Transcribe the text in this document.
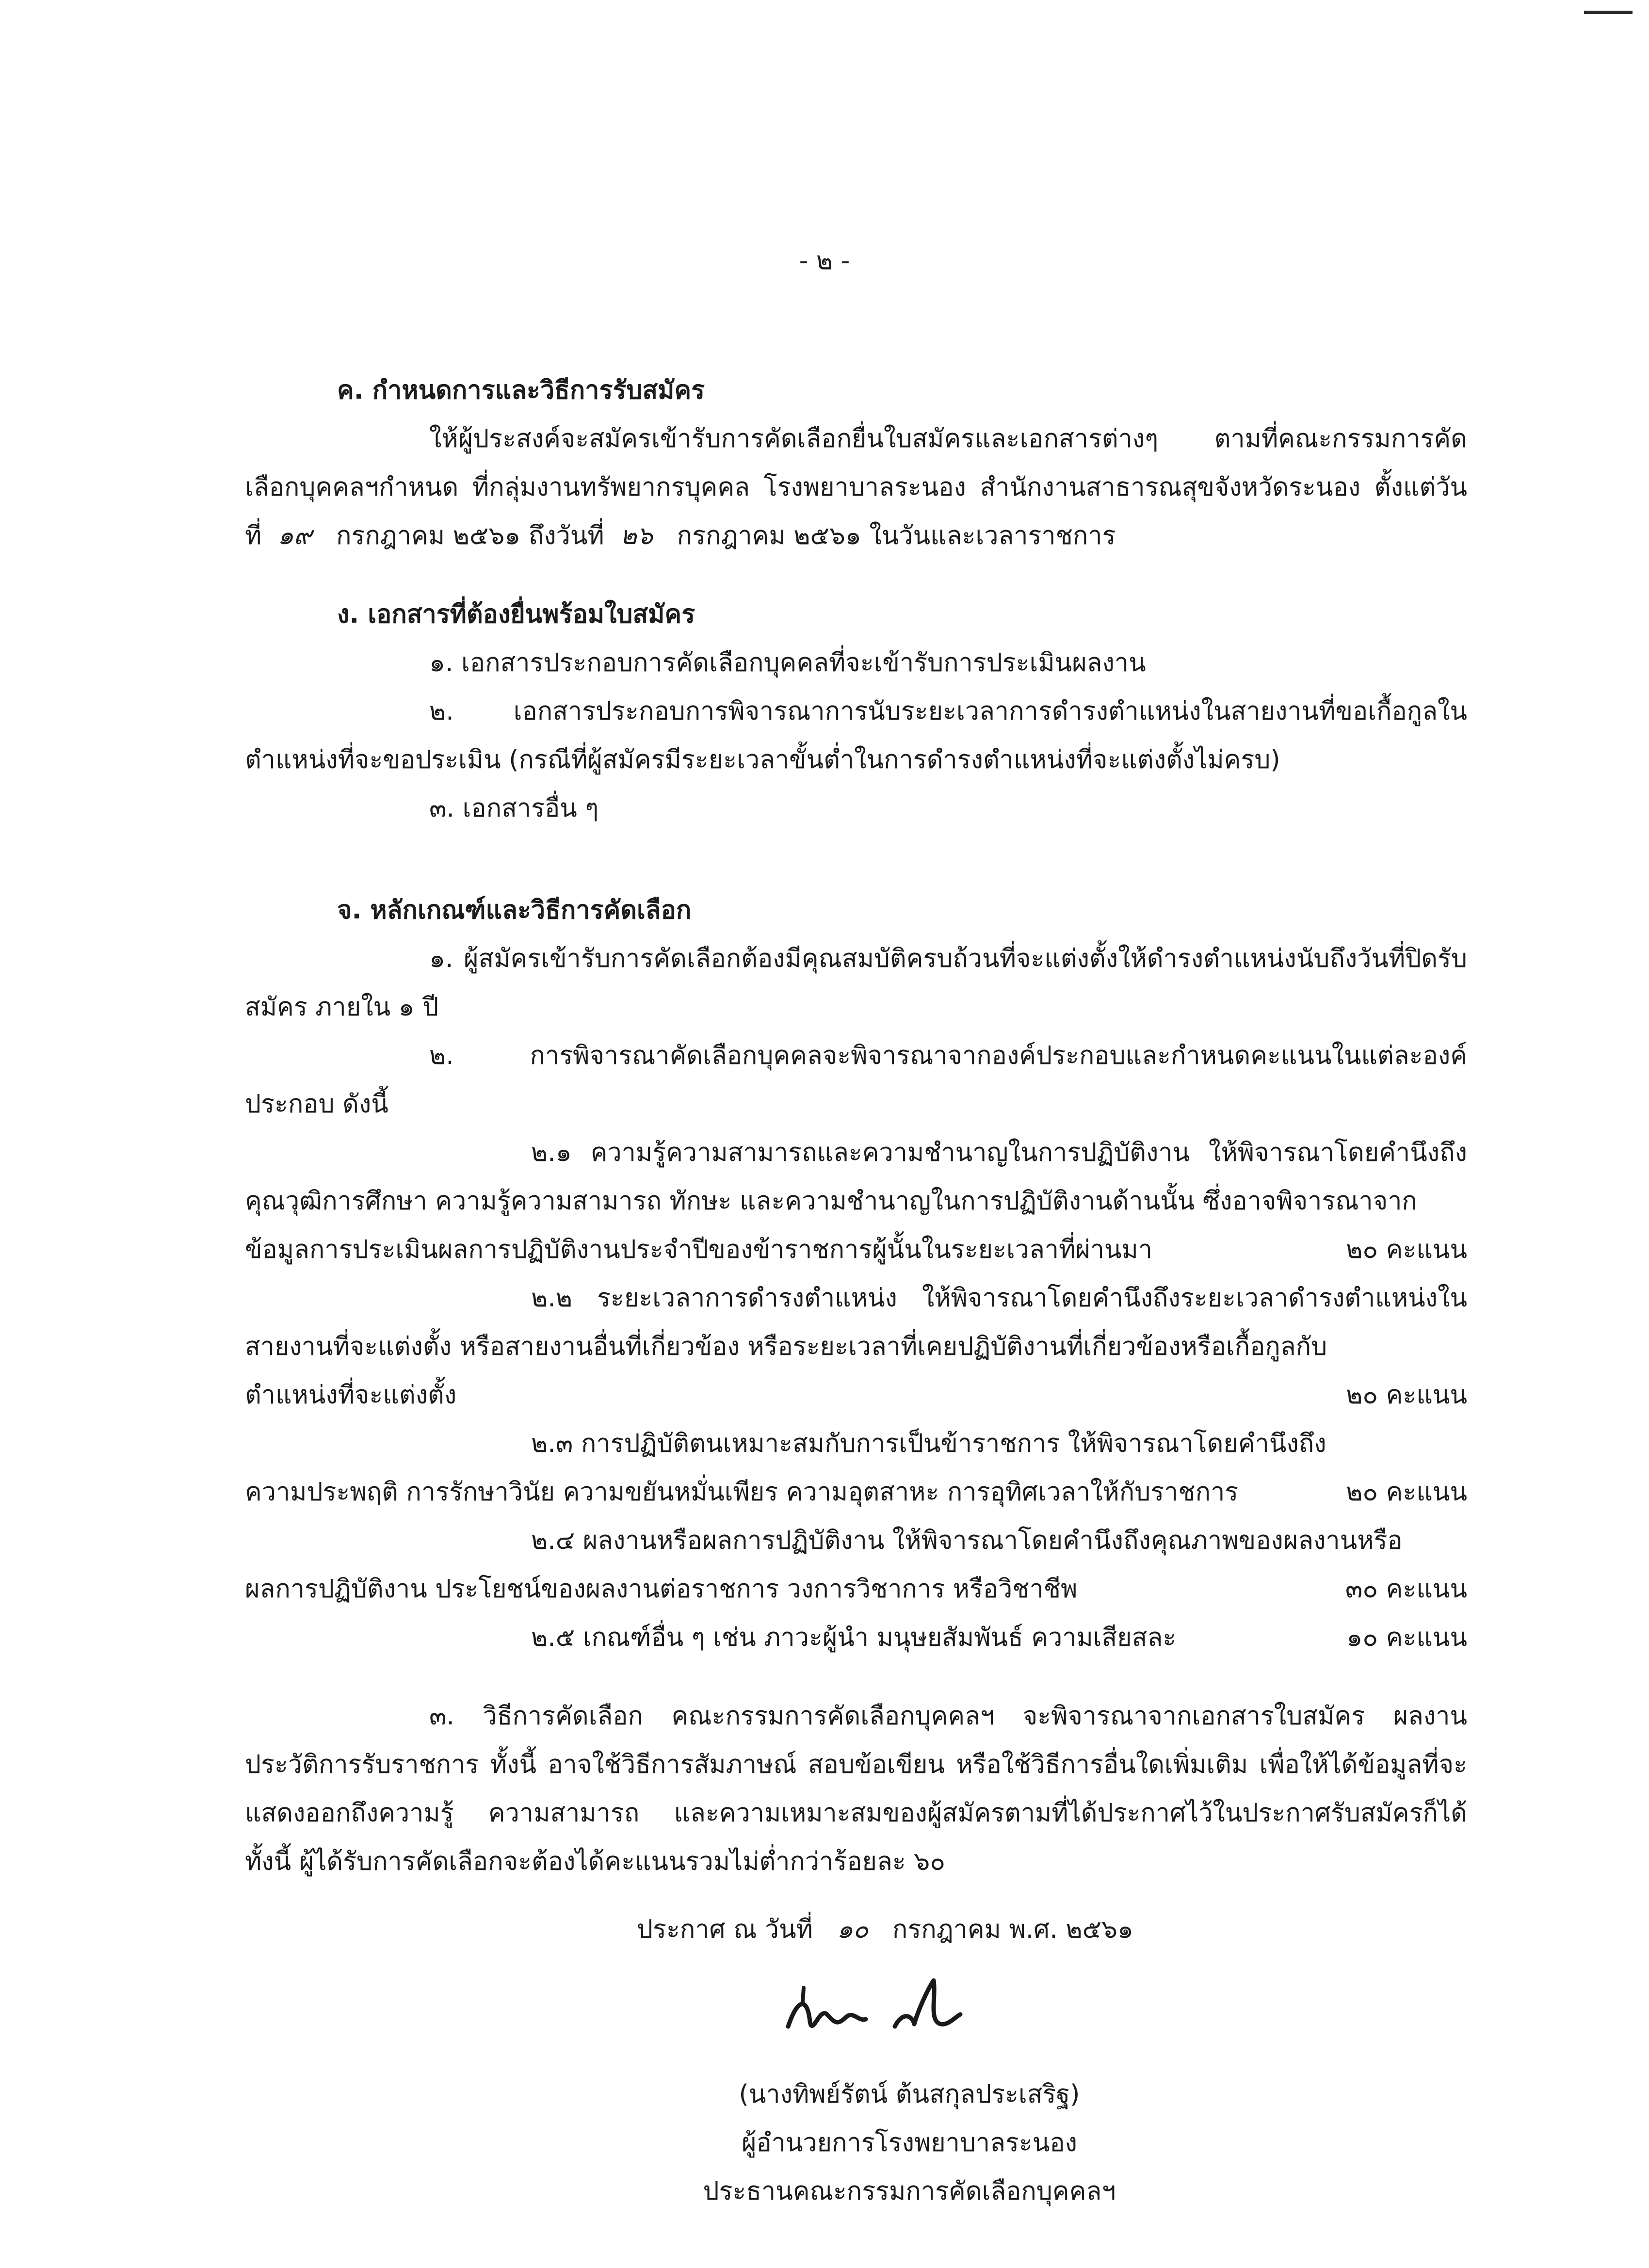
- ๒ -
ค. กำหนดการและวิธีการรับสมัคร
ให้ผู้ประสงค์จะสมัครเข้ารับการคัดเลือกยื่นใบสมัครและเอกสารต่างๆ ตามที่คณะกรรมการคัดเลือกบุคคลฯกำหนด ที่กลุ่มงานทรัพยากรบุคคล โรงพยาบาลระนอง สำนักงานสาธารณสุขจังหวัดระนอง ตั้งแต่วันที่ ๑๙ กรกฎาคม ๒๕๖๑ ถึงวันที่ ๒๖ กรกฎาคม ๒๕๖๑ ในวันและเวลาราชการ
ง. เอกสารที่ต้องยื่นพร้อมใบสมัคร
๑. เอกสารประกอบการคัดเลือกบุคคลที่จะเข้ารับการประเมินผลงาน
๒. เอกสารประกอบการพิจารณาการนับระยะเวลาการดำรงตำแหน่งในสายงานที่ขอเกื้อกูลในตำแหน่งที่จะขอประเมิน (กรณีที่ผู้สมัครมีระยะเวลาขั้นต่ำในการดำรงตำแหน่งที่จะแต่งตั้งไม่ครบ)
๓. เอกสารอื่น ๆ
จ. หลักเกณฑ์และวิธีการคัดเลือก
๑. ผู้สมัครเข้ารับการคัดเลือกต้องมีคุณสมบัติครบถ้วนที่จะแต่งตั้งให้ดำรงตำแหน่งนับถึงวันที่ปิดรับสมัคร ภายใน ๑ ปี
๒. การพิจารณาคัดเลือกบุคคลจะพิจารณาจากองค์ประกอบและกำหนดคะแนนในแต่ละองค์ประกอบ ดังนี้
๒.๑ ความรู้ความสามารถและความชำนาญในการปฏิบัติงาน ให้พิจารณาโดยคำนึงถึงคุณวุฒิการศึกษา ความรู้ความสามารถ ทักษะ และความชำนาญในการปฏิบัติงานด้านนั้น ซึ่งอาจพิจารณาจาก
ข้อมูลการประเมินผลการปฏิบัติงานประจำปีของข้าราชการผู้นั้นในระยะเวลาที่ผ่านมา	๒๐ คะแนน
๒.๒ ระยะเวลาการดำรงตำแหน่ง ให้พิจารณาโดยคำนึงถึงระยะเวลาดำรงตำแหน่งในสายงานที่จะแต่งตั้ง หรือสายงานอื่นที่เกี่ยวข้อง หรือระยะเวลาที่เคยปฏิบัติงานที่เกี่ยวข้องหรือเกื้อกูลกับ
ตำแหน่งที่จะแต่งตั้ง	๒๐ คะแนน
๒.๓ การปฏิบัติตนเหมาะสมกับการเป็นข้าราชการ ให้พิจารณาโดยคำนึงถึง
ความประพฤติ การรักษาวินัย ความขยันหมั่นเพียร ความอุตสาหะ การอุทิศเวลาให้กับราชการ	๒๐ คะแนน
๒.๔ ผลงานหรือผลการปฏิบัติงาน ให้พิจารณาโดยคำนึงถึงคุณภาพของผลงานหรือ
ผลการปฏิบัติงาน ประโยชน์ของผลงานต่อราชการ วงการวิชาการ หรือวิชาชีพ	๓๐ คะแนน
๒.๕ เกณฑ์อื่น ๆ เช่น ภาวะผู้นำ มนุษยสัมพันธ์ ความเสียสละ	๑๐ คะแนน
๓. วิธีการคัดเลือก คณะกรรมการคัดเลือกบุคคลฯ จะพิจารณาจากเอกสารใบสมัคร ผลงาน ประวัติการรับราชการ ทั้งนี้ อาจใช้วิธีการสัมภาษณ์ สอบข้อเขียน หรือใช้วิธีการอื่นใดเพิ่มเติม เพื่อให้ได้ข้อมูลที่จะแสดงออกถึงความรู้ ความสามารถ และความเหมาะสมของผู้สมัครตามที่ได้ประกาศไว้ในประกาศรับสมัครก็ได้ ทั้งนี้ ผู้ได้รับการคัดเลือกจะต้องได้คะแนนรวมไม่ต่ำกว่าร้อยละ ๖๐
ประกาศ ณ วันที่ ๑๐ กรกฎาคม พ.ศ. ๒๕๖๑
(นางทิพย์รัตน์ ต้นสกุลประเสริฐ)
ผู้อำนวยการโรงพยาบาลระนอง
ประธานคณะกรรมการคัดเลือกบุคคลฯ
